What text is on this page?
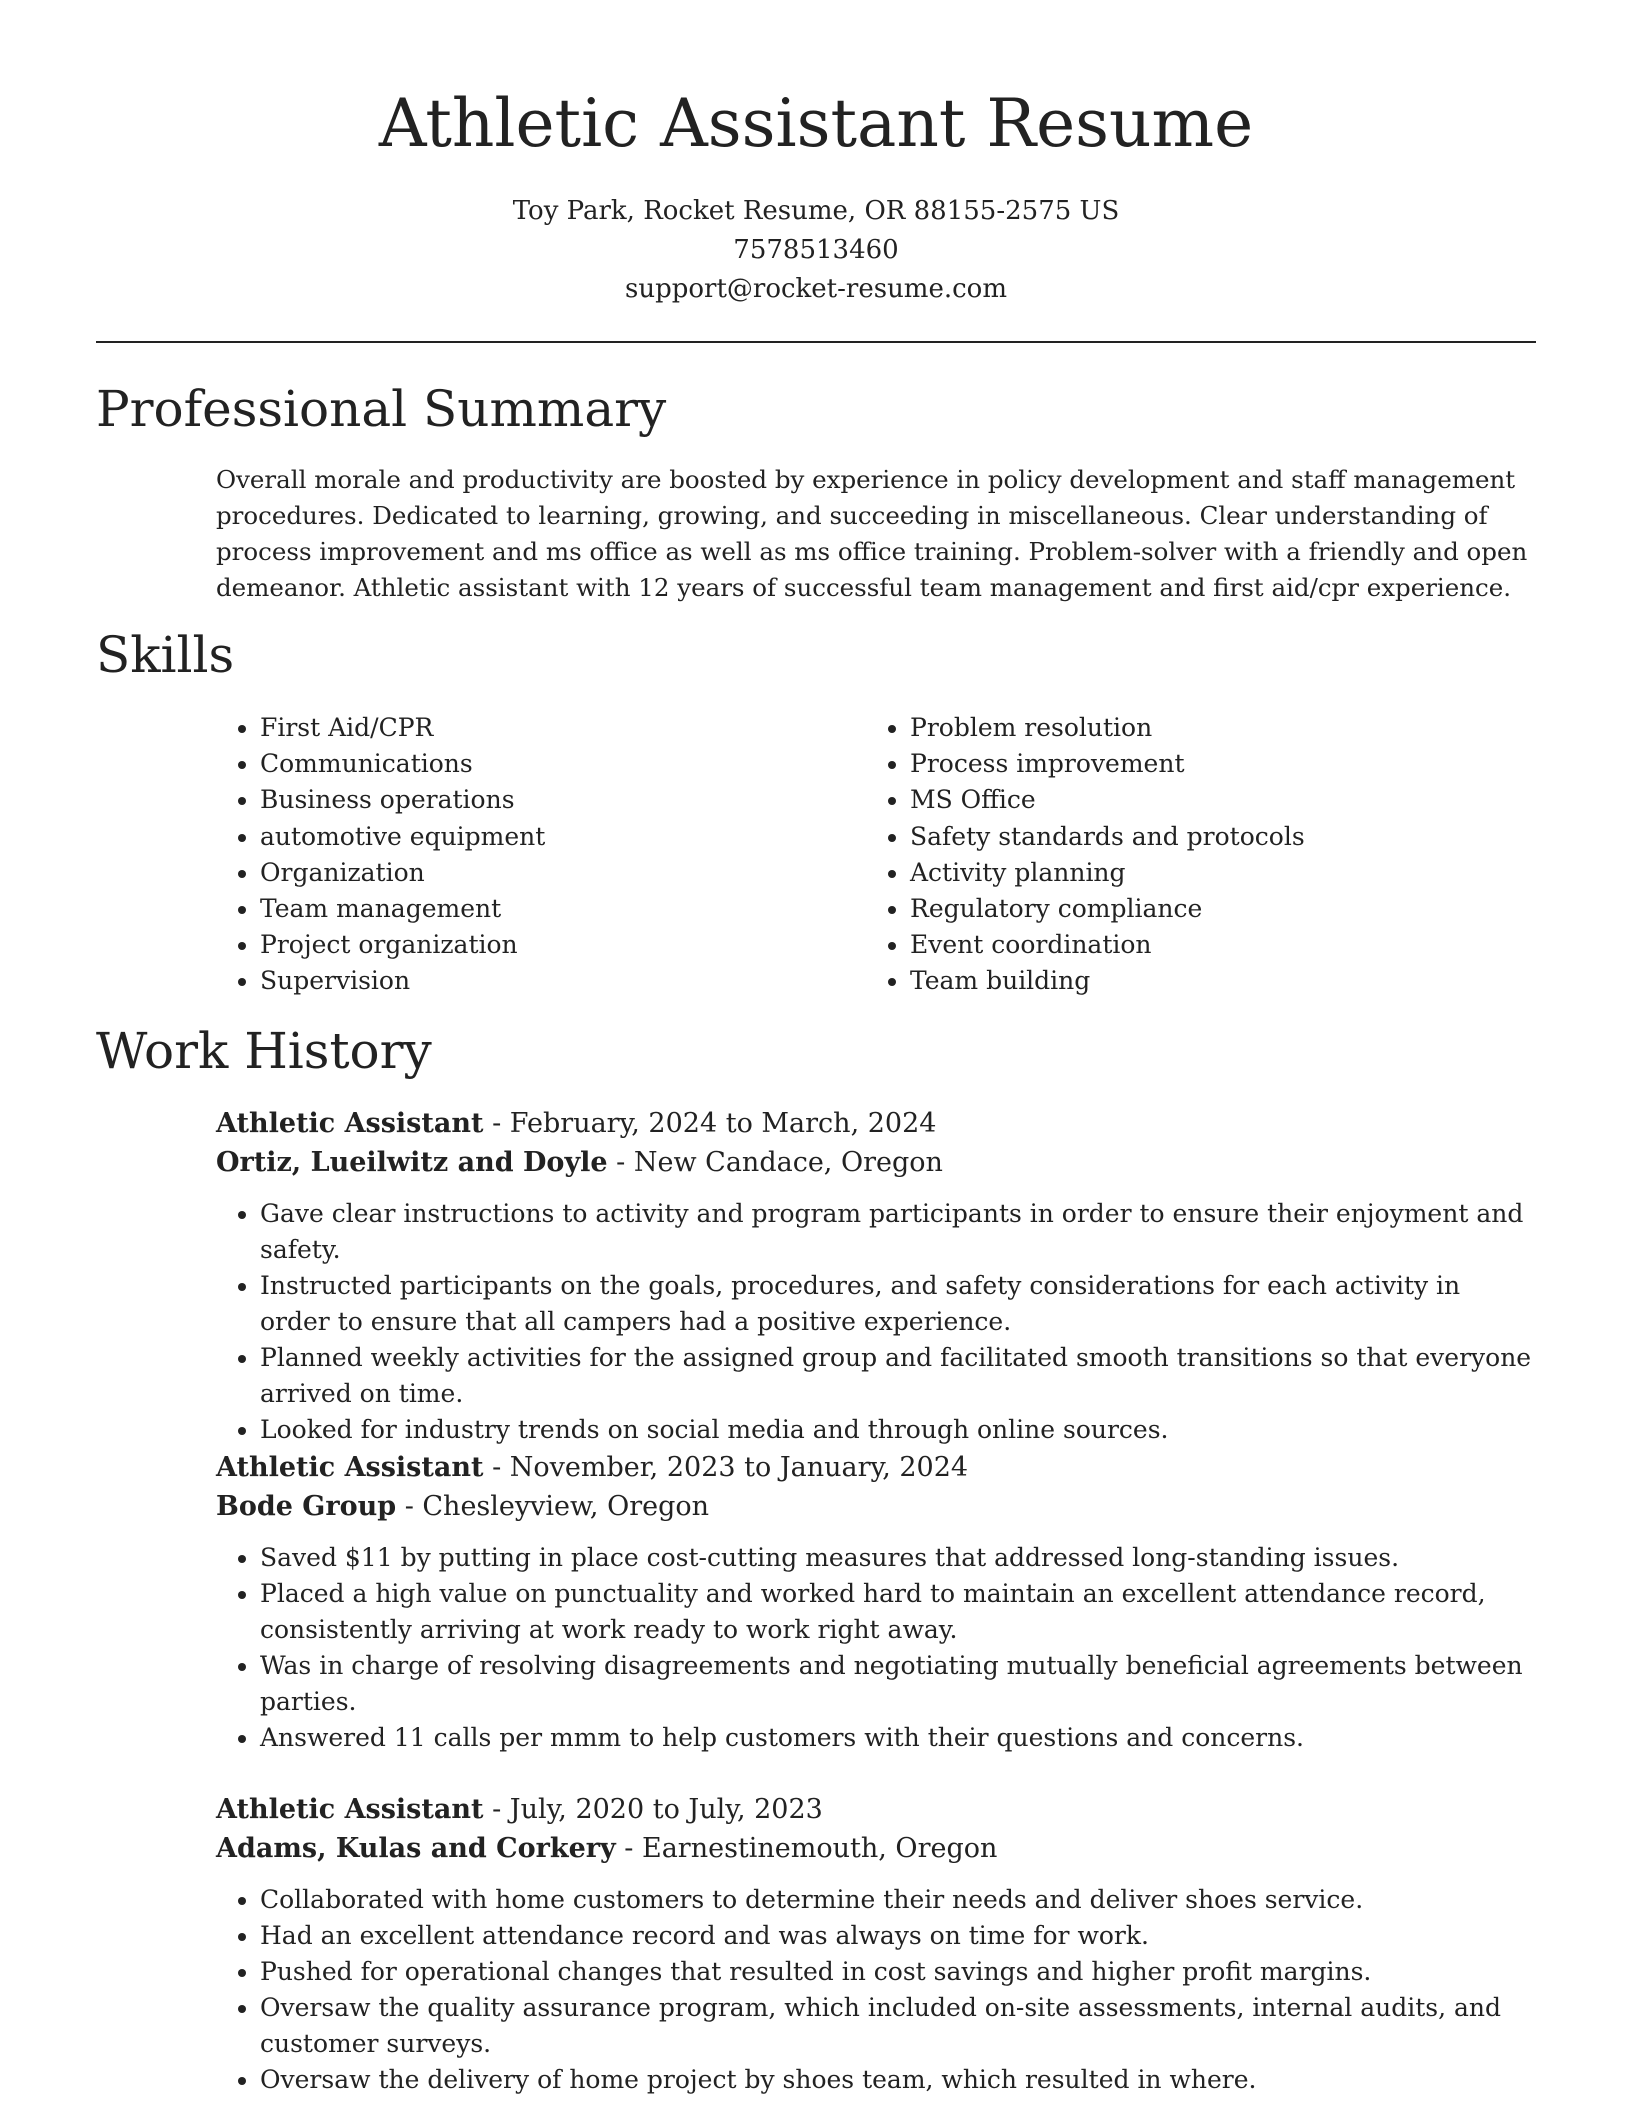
Athletic Assistant Resume
Toy Park, Rocket Resume, OR 88155-2575 US
7578513460
support@rocket-resume.com
Professional Summary

Overall morale and productivity are boosted by experience in policy development and staff management procedures. Dedicated to learning, growing, and succeeding in miscellaneous. Clear understanding of process improvement and ms office as well as ms office training. Problem-solver with a friendly and open demeanor. Athletic assistant with 12 years of successful team management and first aid/cpr experience.

Skills
• First Aid/CPR
• Communications
• Business operations
• automotive equipment
• Organization
• Team management
• Project organization
• Supervision
• Problem resolution
• Process improvement
• MS Office
• Safety standards and protocols
• Activity planning
• Regulatory compliance
• Event coordination
• Team building
Work History
Athletic Assistant - February, 2024 to March, 2024
Ortiz, Lueilwitz and Doyle - New Candace, Oregon
• Gave clear instructions to activity and program participants in order to ensure their enjoyment and safety.
• Instructed participants on the goals, procedures, and safety considerations for each activity in order to ensure that all campers had a positive experience.
• Planned weekly activities for the assigned group and facilitated smooth transitions so that everyone arrived on time.
• Looked for industry trends on social media and through online sources.
Athletic Assistant - November, 2023 to January, 2024
Bode Group - Chesleyview, Oregon
• Saved $11 by putting in place cost-cutting measures that addressed long-standing issues.
• Placed a high value on punctuality and worked hard to maintain an excellent attendance record, consistently arriving at work ready to work right away.
• Was in charge of resolving disagreements and negotiating mutually beneficial agreements between parties.
• Answered 11 calls per mmm to help customers with their questions and concerns.
Athletic Assistant - July, 2020 to July, 2023
Adams, Kulas and Corkery - Earnestinemouth, Oregon
• Collaborated with home customers to determine their needs and deliver shoes service.
• Had an excellent attendance record and was always on time for work.
• Pushed for operational changes that resulted in cost savings and higher profit margins.
• Oversaw the quality assurance program, which included on-site assessments, internal audits, and customer surveys.
• Oversaw the delivery of home project by shoes team, which resulted in where.
